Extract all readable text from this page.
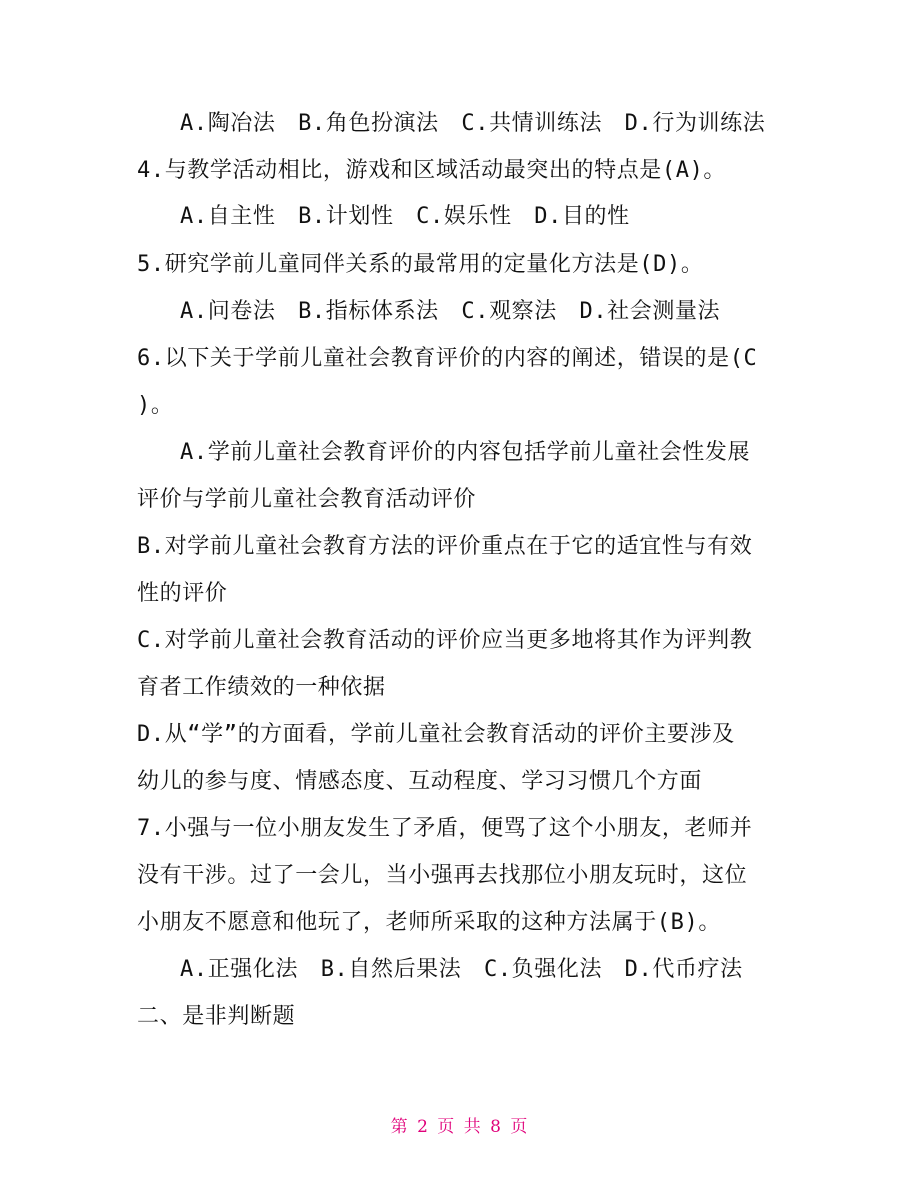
A.陶冶法　B.角色扮演法　C.共情训练法　D.行为训练法
4.与教学活动相比，游戏和区域活动最突出的特点是(A)。
A.自主性　B.计划性　C.娱乐性　D.目的性
5.研究学前儿童同伴关系的最常用的定量化方法是(D)。
A.问卷法　B.指标体系法　C.观察法　D.社会测量法
6.以下关于学前儿童社会教育评价的内容的阐述，错误的是(C
)。
A.学前儿童社会教育评价的内容包括学前儿童社会性发展
评价与学前儿童社会教育活动评价
B.对学前儿童社会教育方法的评价重点在于它的适宜性与有效
性的评价
C.对学前儿童社会教育活动的评价应当更多地将其作为评判教
育者工作绩效的一种依据
D.从“学”的方面看，学前儿童社会教育活动的评价主要涉及
幼儿的参与度、情感态度、互动程度、学习习惯几个方面
7.小强与一位小朋友发生了矛盾，便骂了这个小朋友，老师并
没有干涉。过了一会儿，当小强再去找那位小朋友玩时，这位
小朋友不愿意和他玩了，老师所采取的这种方法属于(B)。
A.正强化法　B.自然后果法　C.负强化法　D.代币疗法
二、是非判断题
第 2 页 共 8 页
